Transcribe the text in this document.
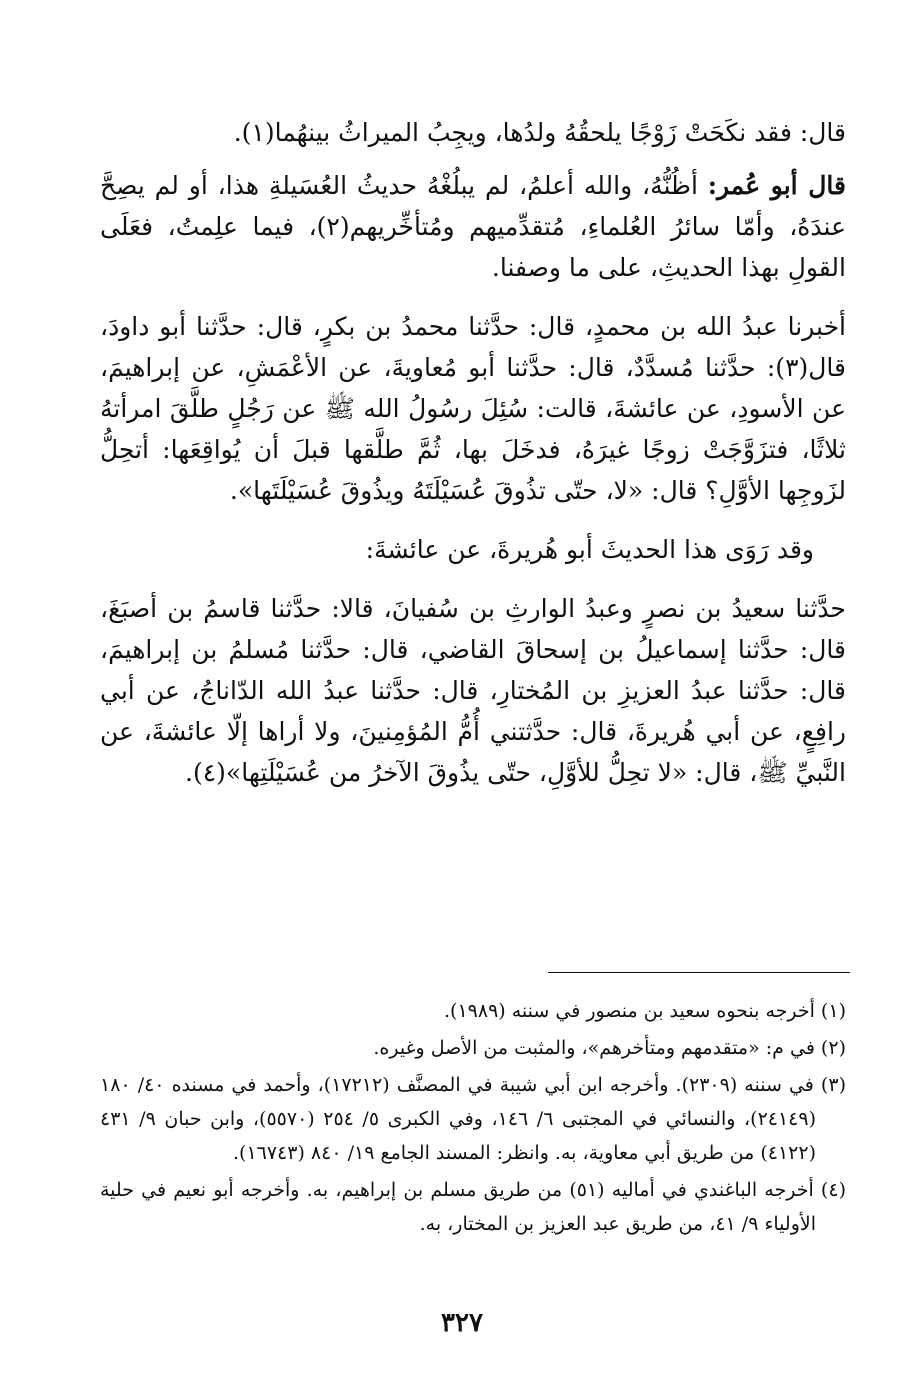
قال: فقد نكَحَتْ زَوْجًا يلحقُهُ ولدُها، ويجِبُ الميراثُ بينهُما(١).

قال أبو عُمر: أظُنُّهُ، والله أعلمُ، لم يبلُغْهُ حديثُ العُسَيلةِ هذا، أو لم يصِحَّ عندَهُ، وأمّا سائرُ العُلماءِ، مُتقدِّميهم ومُتأخِّريهم(٢)، فيما علِمتُ، فعَلَى القولِ بهذا الحديثِ، على ما وصفنا.

أخبرنا عبدُ الله بن محمدٍ، قال: حدَّثنا محمدُ بن بكرٍ، قال: حدَّثنا أبو داودَ، قال(٣): حدَّثنا مُسدَّدٌ، قال: حدَّثنا أبو مُعاويةَ، عن الأعْمَشِ، عن إبراهيمَ، عن الأسودِ، عن عائشةَ، قالت: سُئِلَ رسُولُ الله ﷺ عن رَجُلٍ طلَّقَ امرأتهُ ثلاثًا، فتزَوَّجَتْ زوجًا غيرَهُ، فدخَلَ بها، ثُمَّ طلَّقها قبلَ أن يُواقِعَها: أتحِلُّ لزَوجِها الأوَّلِ؟ قال: «لا، حتّى تذُوقَ عُسَيْلَتَهُ ويذُوقَ عُسَيْلَتَها».

وقد رَوَى هذا الحديثَ أبو هُريرةَ، عن عائشةَ:

حدَّثنا سعيدُ بن نصرٍ وعبدُ الوارثِ بن سُفيانَ، قالا: حدَّثنا قاسمُ بن أصبَغَ، قال: حدَّثنا إسماعيلُ بن إسحاقَ القاضي، قال: حدَّثنا مُسلمُ بن إبراهيمَ، قال: حدَّثنا عبدُ العزيزِ بن المُختارِ، قال: حدَّثنا عبدُ الله الدّاناجُ، عن أبي رافِعٍ، عن أبي هُريرةَ، قال: حدَّثتني أُمُّ المُؤمِنينَ، ولا أراها إلّا عائشةَ، عن النَّبيِّ ﷺ، قال: «لا تحِلُّ للأوَّلِ، حتّى يذُوقَ الآخرُ من عُسَيْلَتِها»(٤).

(١) أخرجه بنحوه سعيد بن منصور في سننه (١٩٨٩).

(٢) في م: «متقدمهم ومتأخرهم»، والمثبت من الأصل وغيره.

(٣) في سننه (٢٣٠٩). وأخرجه ابن أبي شيبة في المصنَّف (١٧٢١٢)، وأحمد في مسنده ٤٠/ ١٨٠ (٢٤١٤٩)، والنسائي في المجتبى ٦/ ١٤٦، وفي الكبرى ٥/ ٢٥٤ (٥٥٧٠)، وابن حبان ٩/ ٤٣١ (٤١٢٢) من طريق أبي معاوية، به. وانظر: المسند الجامع ١٩/ ٨٤٠ (١٦٧٤٣).

(٤) أخرجه الباغندي في أماليه (٥١) من طريق مسلم بن إبراهيم، به. وأخرجه أبو نعيم في حلية الأولياء ٩/ ٤١، من طريق عبد العزيز بن المختار، به.

٣٢٧
